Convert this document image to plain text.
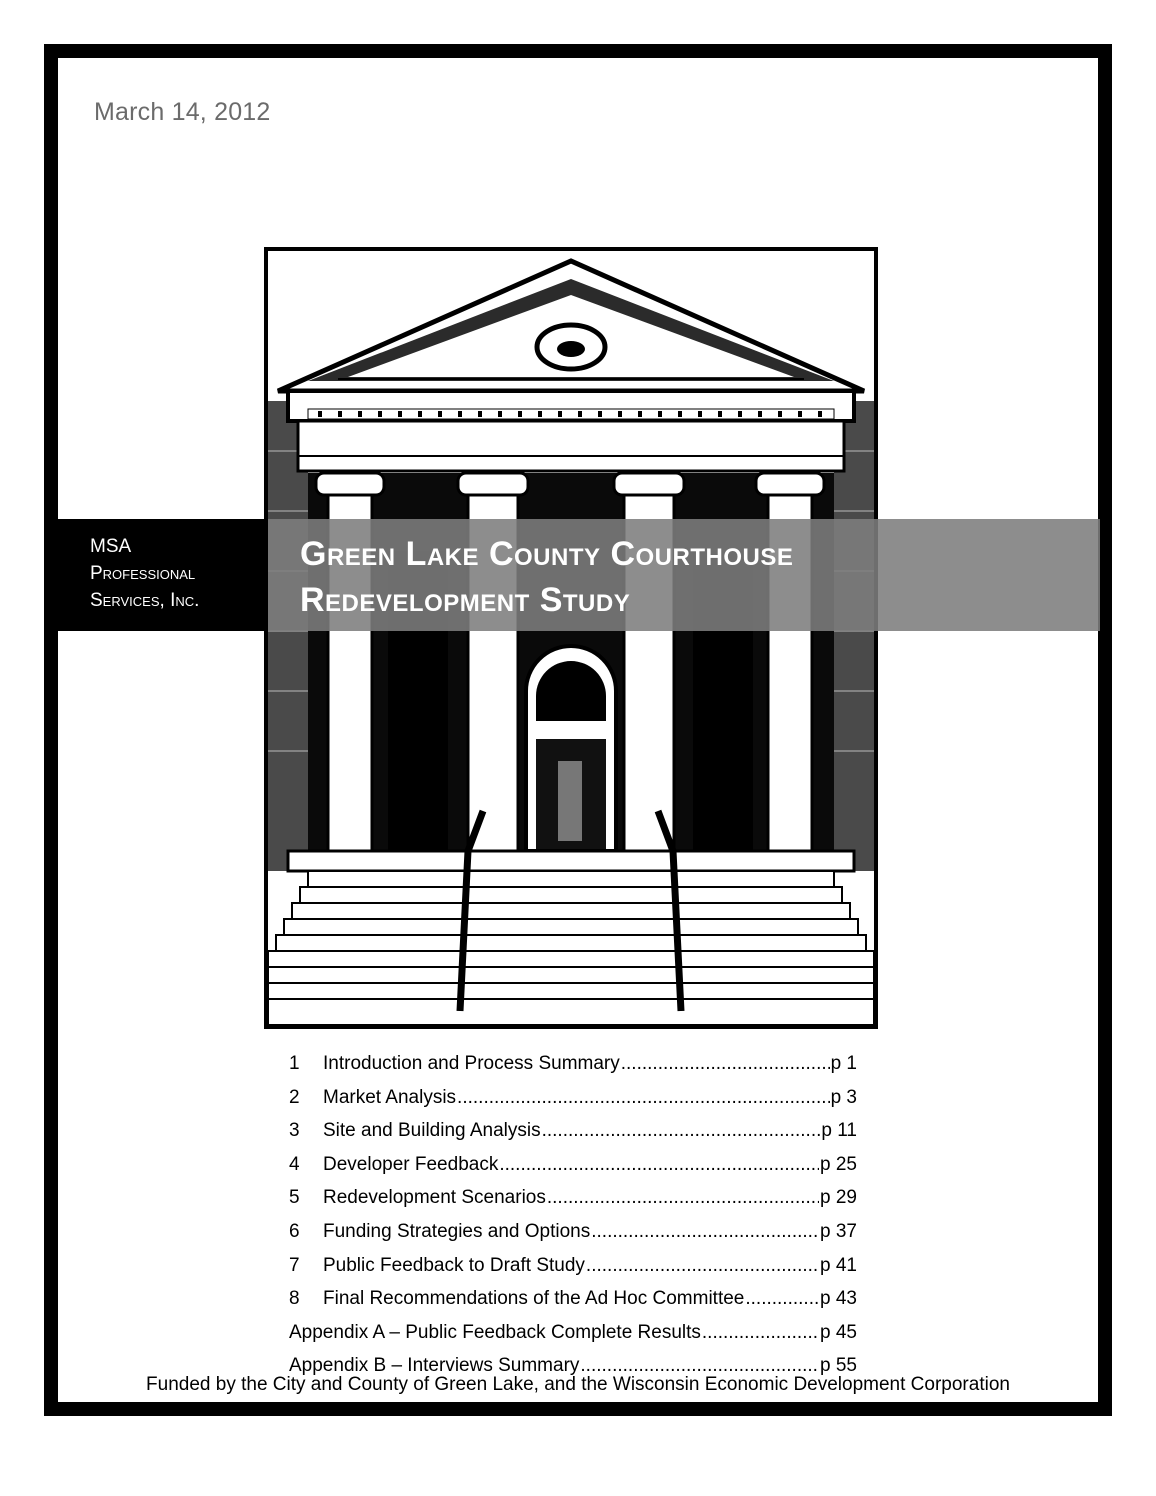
March 14, 2012
MSA
Professional
Services, Inc.
Green Lake County Courthouse
Redevelopment Study
1	Introduction and Process Summary .....	p 1
2	Market Analysis .....	p 3
3	Site and Building Analysis .....	p 11
4	Developer Feedback .....	p 25
5	Redevelopment Scenarios .....	p 29
6	Funding Strategies and Options .....	p 37
7	Public Feedback to Draft Study .....	p 41
8	Final Recommendations of the Ad Hoc Committee .....	p 43
Appendix A – Public Feedback Complete Results .....	p 45
Appendix B – Interviews Summary .....	p 55
Funded by the City and County of Green Lake, and the Wisconsin Economic Development Corporation
